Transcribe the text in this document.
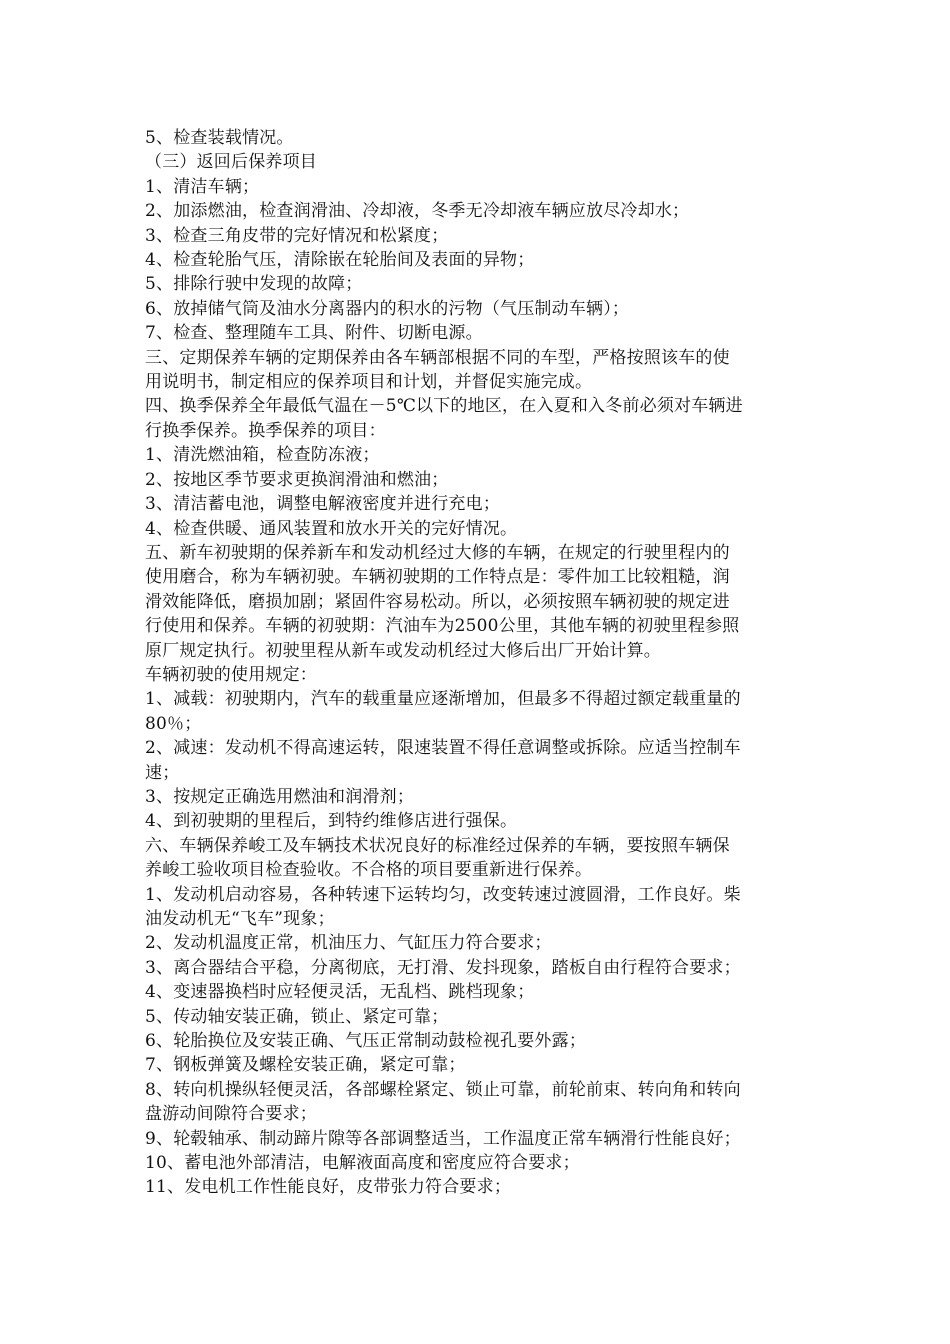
5、检查装载情况。

（三）返回后保养项目

1、清洁车辆；

2、加添燃油，检查润滑油、冷却液，冬季无冷却液车辆应放尽冷却水；

3、检查三角皮带的完好情况和松紧度；

4、检查轮胎气压，清除嵌在轮胎间及表面的异物；

5、排除行驶中发现的故障；

6、放掉储气筒及油水分离器内的积水的污物（气压制动车辆）；

7、检查、整理随车工具、附件、切断电源。

三、定期保养车辆的定期保养由各车辆部根据不同的车型，严格按照该车的使

用说明书，制定相应的保养项目和计划，并督促实施完成。

四、换季保养全年最低气温在－5℃以下的地区，在入夏和入冬前必须对车辆进

行换季保养。换季保养的项目：

1、清洗燃油箱，检查防冻液；

2、按地区季节要求更换润滑油和燃油；

3、清洁蓄电池，调整电解液密度并进行充电；

4、检查供暖、通风装置和放水开关的完好情况。

五、新车初驶期的保养新车和发动机经过大修的车辆，在规定的行驶里程内的

使用磨合，称为车辆初驶。车辆初驶期的工作特点是：零件加工比较粗糙，润

滑效能降低，磨损加剧；紧固件容易松动。所以，必须按照车辆初驶的规定进

行使用和保养。车辆的初驶期：汽油车为2500公里，其他车辆的初驶里程参照

原厂规定执行。初驶里程从新车或发动机经过大修后出厂开始计算。

车辆初驶的使用规定：

1、减载：初驶期内，汽车的载重量应逐渐增加，但最多不得超过额定载重量的

80％；

2、减速：发动机不得高速运转，限速装置不得任意调整或拆除。应适当控制车

速；

3、按规定正确选用燃油和润滑剂；

4、到初驶期的里程后，到特约维修店进行强保。

六、车辆保养峻工及车辆技术状况良好的标准经过保养的车辆，要按照车辆保

养峻工验收项目检查验收。不合格的项目要重新进行保养。

1、发动机启动容易，各种转速下运转均匀，改变转速过渡圆滑，工作良好。柴

油发动机无“飞车”现象；

2、发动机温度正常，机油压力、气缸压力符合要求；

3、离合器结合平稳，分离彻底，无打滑、发抖现象，踏板自由行程符合要求；

4、变速器换档时应轻便灵活，无乱档、跳档现象；

5、传动轴安装正确，锁止、紧定可靠；

6、轮胎换位及安装正确、气压正常制动鼓检视孔要外露；

7、钢板弹簧及螺栓安装正确，紧定可靠；

8、转向机操纵轻便灵活，各部螺栓紧定、锁止可靠，前轮前束、转向角和转向

盘游动间隙符合要求；

9、轮毂轴承、制动蹄片隙等各部调整适当，工作温度正常车辆滑行性能良好；

10、蓄电池外部清洁，电解液面高度和密度应符合要求；

11、发电机工作性能良好，皮带张力符合要求；
